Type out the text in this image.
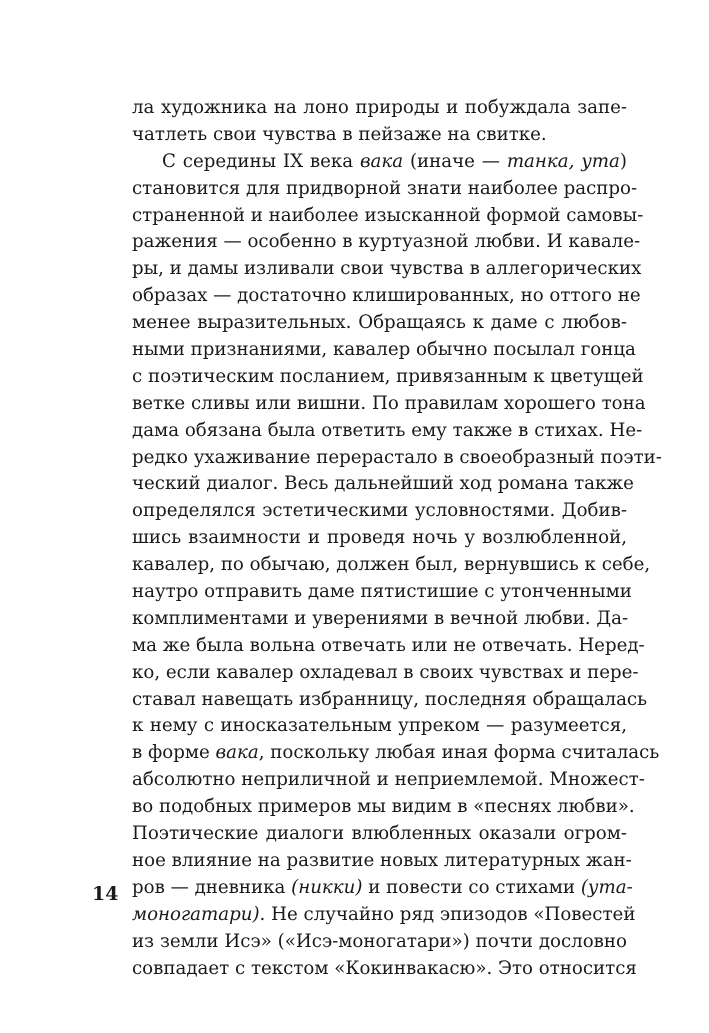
ла художника на лоно природы и побуждала запе-
чатлеть свои чувства в пейзаже на свитке.
С середины IX века вака (иначе — танка, ута)
становится для придворной знати наиболее распро-
страненной и наиболее изысканной формой самовы-
ражения — особенно в куртуазной любви. И кавале-
ры, и дамы изливали свои чувства в аллегорических
образах — достаточно клишированных, но оттого не
менее выразительных. Обращаясь к даме с любов-
ными признаниями, кавалер обычно посылал гонца
с поэтическим посланием, привязанным к цветущей
ветке сливы или вишни. По правилам хорошего тона
дама обязана была ответить ему также в стихах. Не-
редко ухаживание перерастало в своеобразный поэти-
ческий диалог. Весь дальнейший ход романа также
определялся эстетическими условностями. Добив-
шись взаимности и проведя ночь у возлюбленной,
кавалер, по обычаю, должен был, вернувшись к себе,
наутро отправить даме пятистишие с утонченными
комплиментами и уверениями в вечной любви. Да-
ма же была вольна отвечать или не отвечать. Неред-
ко, если кавалер охладевал в своих чувствах и пере-
ставал навещать избранницу, последняя обращалась
к нему с иносказательным упреком — разумеется,
в форме вака, поскольку любая иная форма считалась
абсолютно неприличной и неприемлемой. Множест-
во подобных примеров мы видим в «песнях любви».
Поэтические диалоги влюбленных оказали огром-
ное влияние на развитие новых литературных жан-
ров — дневника (никки) и повести со стихами (ута-
моногатари). Не случайно ряд эпизодов «Повестей
из земли Исэ» («Исэ-моногатари») почти дословно
совпадает с текстом «Кокинвакасю». Это относится
14
